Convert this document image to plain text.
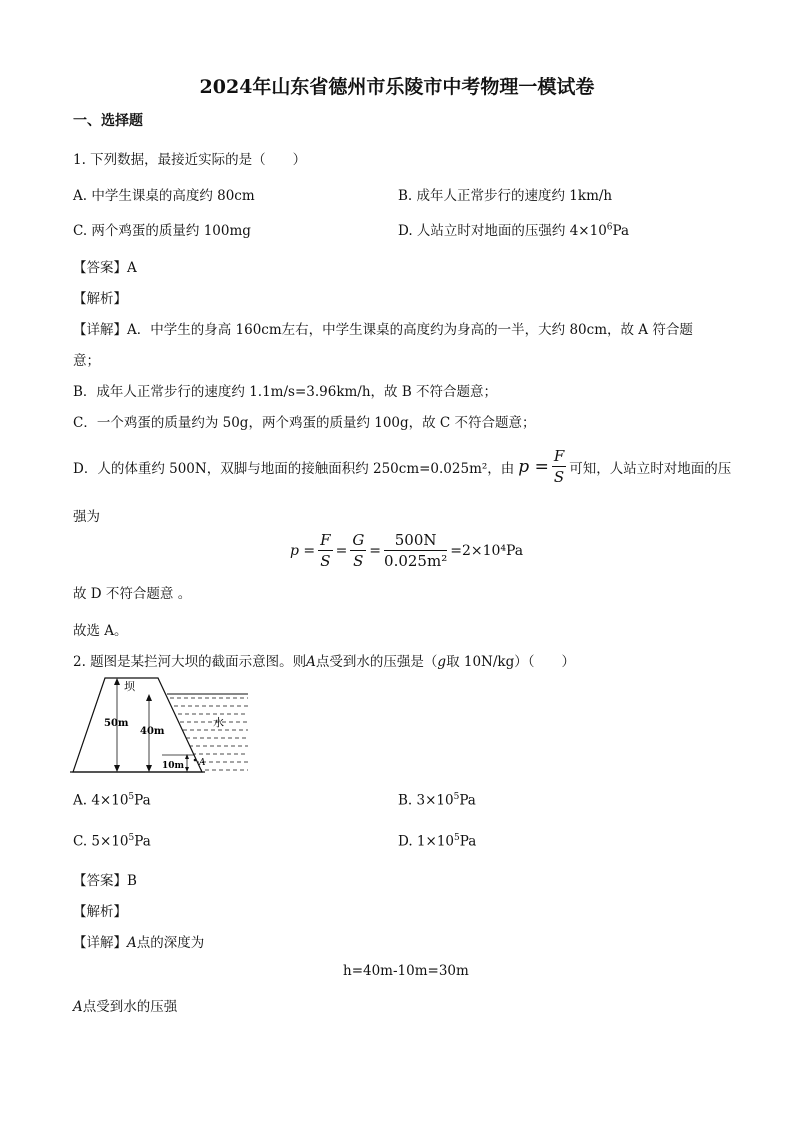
2024年山东省德州市乐陵市中考物理一模试卷
一、选择题
1. 下列数据，最接近实际的是（　　）
A. 中学生课桌的高度约 80cm	B. 成年人正常步行的速度约 1km/h
C. 两个鸡蛋的质量约 100mg	D. 人站立时对地面的压强约 $4\times 10^6Pa$
【答案】A
【解析】
【详解】A．中学生的身高 160cm左右，中学生课桌的高度约为身高的一半，大约 80cm，故 A 符合题
意；
B．成年人正常步行的速度约 1.1m/s=3.96km/h，故 B 不符合题意；
C．一个鸡蛋的质量约为 50g，两个鸡蛋的质量约 100g，故 C 不符合题意；
D．人的体重约 500N，双脚与地面的接触面积约 250cm=0.025m²，由 $p = \frac{F}{S}$ 可知，人站立时对地面的压
强为
$p = \frac{F}{S} = \frac{G}{S} = \frac{500N}{\text{0.025m²}} =2\times 10^4Pa$
故 D 不符合题意 。
故选 A。
2. 题图是某拦河大坝的截面示意图。则A点受到水的压强是（g取 10N/kg）（　　）
坝
水
50m
40m
10m A
A. $4\times 10^5Pa$	B. $3\times 10^5Pa$
C. $5\times 10^5Pa$	D. $1\times 10^5Pa$
【答案】B
【解析】
【详解】A点的深度为
h=40m-10m=30m
A点受到水的压强
